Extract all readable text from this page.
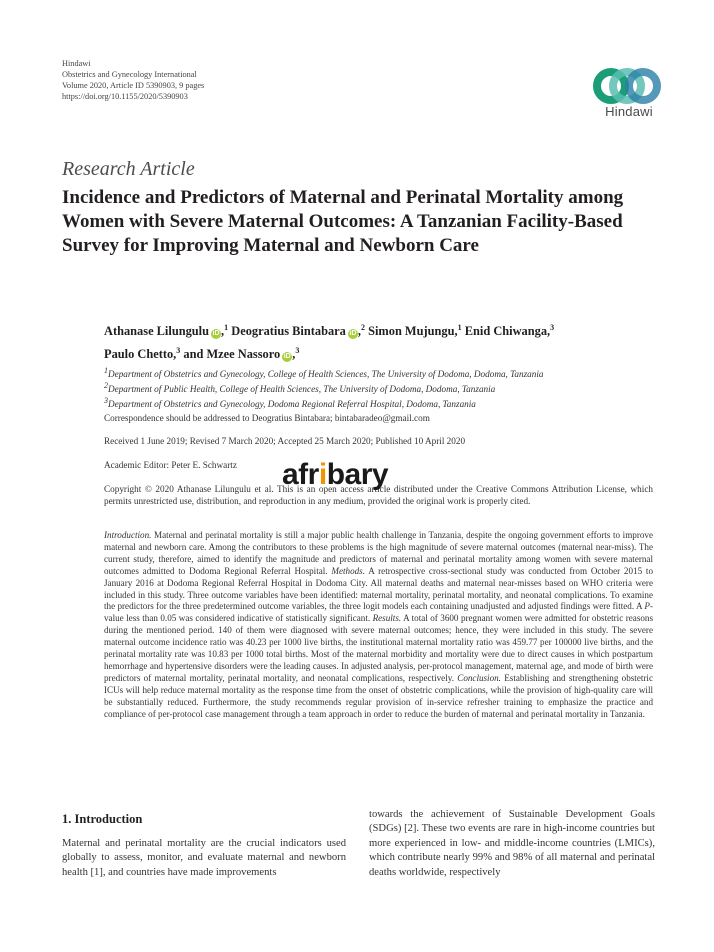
Hindawi
Obstetrics and Gynecology International
Volume 2020, Article ID 5390903, 9 pages
https://doi.org/10.1155/2020/5390903
Hindawi
Research Article
Incidence and Predictors of Maternal and Perinatal Mortality among Women with Severe Maternal Outcomes: A Tanzanian Facility-Based Survey for Improving Maternal and Newborn Care
Athanase Lilungulu iD ,$^1$ Deogratius Bintabara iD ,$^2$ Simon Mujungu,$^1$ Enid Chiwanga,$^3$
Paulo Chetto,$^3$ and Mzee Nassoro iD ,$^3$
$^1$Department of Obstetrics and Gynecology, College of Health Sciences, The University of Dodoma, Dodoma, Tanzania
$^2$Department of Public Health, College of Health Sciences, The University of Dodoma, Dodoma, Tanzania
$^3$Department of Obstetrics and Gynecology, Dodoma Regional Referral Hospital, Dodoma, Tanzania
Correspondence should be addressed to Deogratius Bintabara; bintabaradeo@gmail.com
Received 1 June 2019; Revised 7 March 2020; Accepted 25 March 2020; Published 10 April 2020
Academic Editor: Peter E. Schwartz
Copyright © 2020 Athanase Lilungulu et al. This is an open access article distributed under the Creative Commons Attribution License, which permits unrestricted use, distribution, and reproduction in any medium, provided the original work is properly cited.
afribary
Introduction. Maternal and perinatal mortality is still a major public health challenge in Tanzania, despite the ongoing government efforts to improve maternal and newborn care. Among the contributors to these problems is the high magnitude of severe maternal outcomes (maternal near-miss). The current study, therefore, aimed to identify the magnitude and predictors of maternal and perinatal mortality among women with severe maternal outcomes admitted to Dodoma Regional Referral Hospital. Methods. A retrospective cross-sectional study was conducted from October 2015 to January 2016 at Dodoma Regional Referral Hospital in Dodoma City. All maternal deaths and maternal near-misses based on WHO criteria were included in this study. Three outcome variables have been identified: maternal mortality, perinatal mortality, and neonatal complications. To examine the predictors for the three predetermined outcome variables, the three logit models each containing unadjusted and adjusted findings were fitted. A P-value less than 0.05 was considered indicative of statistically significant. Results. A total of 3600 pregnant women were admitted for obstetric reasons during the mentioned period. 140 of them were diagnosed with severe maternal outcomes; hence, they were included in this study. The severe maternal outcome incidence ratio was 40.23 per 1000 live births, the institutional maternal mortality ratio was 459.77 per 100000 live births, and the perinatal mortality rate was 10.83 per 1000 total births. Most of the maternal morbidity and mortality were due to direct causes in which postpartum hemorrhage and hypertensive disorders were the leading causes. In adjusted analysis, per-protocol management, maternal age, and mode of birth were predictors of maternal mortality, perinatal mortality, and neonatal complications, respectively. Conclusion. Establishing and strengthening obstetric ICUs will help reduce maternal mortality as the response time from the onset of obstetric complications, while the provision of high-quality care will be substantially reduced. Furthermore, the study recommends regular provision of in-service refresher training to emphasize the practice and compliance of per-protocol case management through a team approach in order to reduce the burden of maternal and perinatal mortality in Tanzania.
1. Introduction
Maternal and perinatal mortality are the crucial indicators used globally to assess, monitor, and evaluate maternal and newborn health [1], and countries have made improvements
towards the achievement of Sustainable Development Goals (SDGs) [2]. These two events are rare in high-income countries but more experienced in low- and middle-income countries (LMICs), which contribute nearly 99% and 98% of all maternal and perinatal deaths worldwide, respectively
